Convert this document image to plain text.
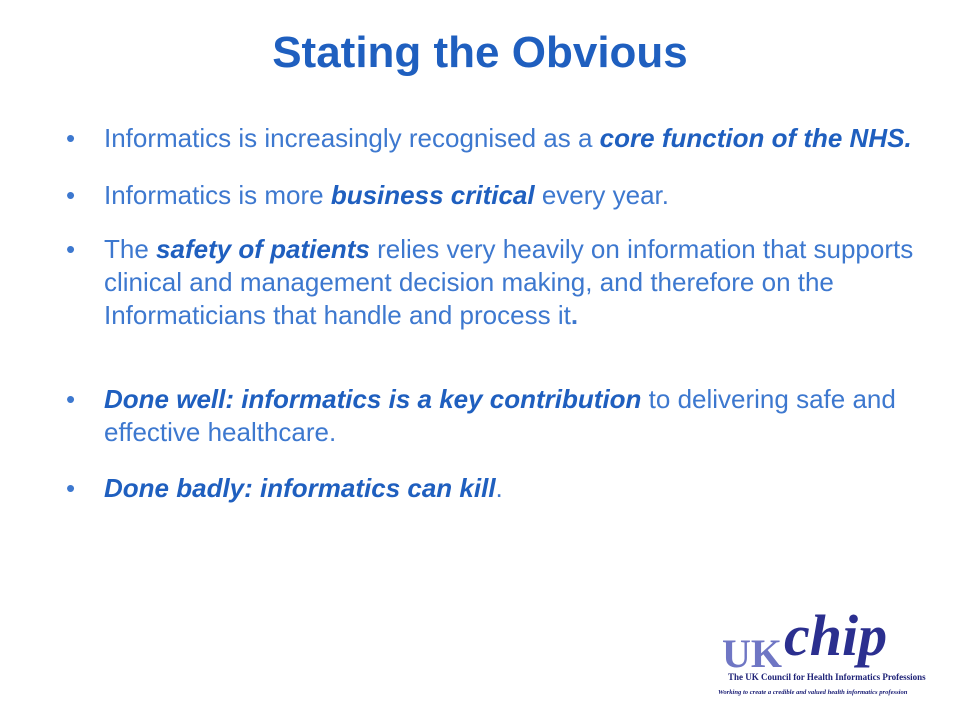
Stating the Obvious
• Informatics is increasingly recognised as a core function of the NHS.
• Informatics is more business critical every year.
• The safety of patients relies very heavily on information that supports clinical and management decision making, and therefore on the Informaticians that handle and process it.
• Done well: informatics is a key contribution to delivering safe and effective healthcare.
• Done badly: informatics can kill.
UK chip
The UK Council for Health Informatics Professions
Working to create a credible and valued health informatics profession
